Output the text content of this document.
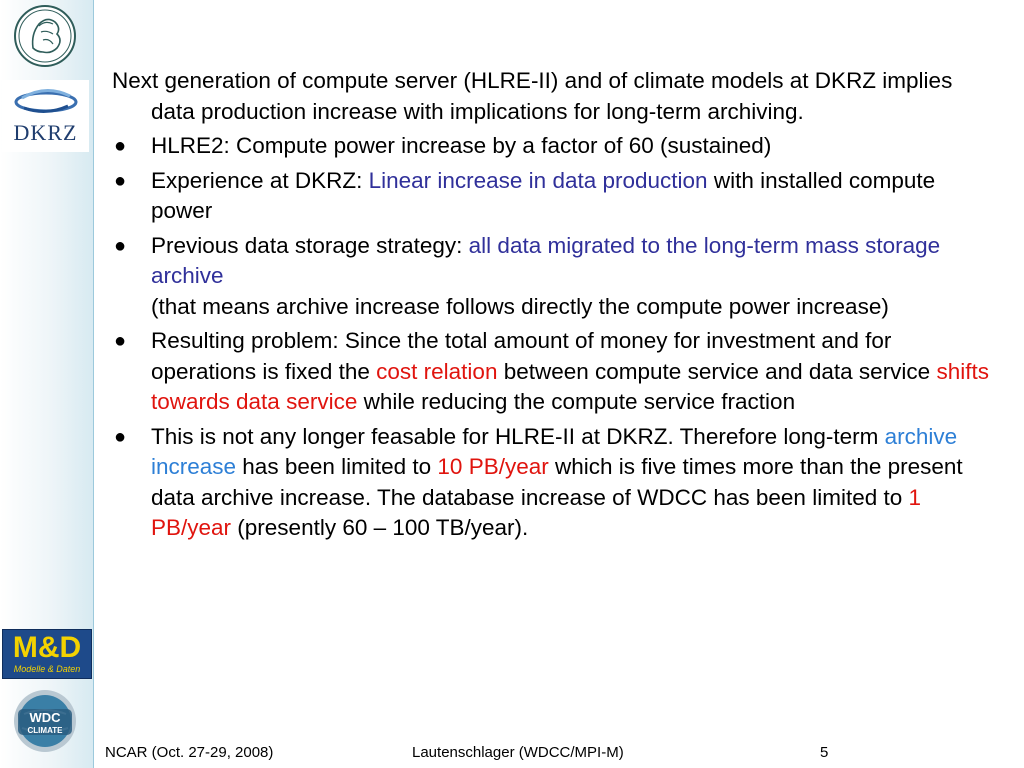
DKRZ
M&D
Modelle & Daten
WDC
CLIMATE

Next generation of compute server (HLRE-II) and of climate models at DKRZ implies data production increase with implications for long-term archiving.

● HLRE2: Compute power increase by a factor of 60 (sustained)
● Experience at DKRZ: Linear increase in data production with installed compute power
● Previous data storage strategy: all data migrated to the long-term mass storage archive
(that means archive increase follows directly the compute power increase)
● Resulting problem: Since the total amount of money for investment and for operations is fixed the cost relation between compute service and data service shifts towards data service while reducing the compute service fraction
● This is not any longer feasable for HLRE-II at DKRZ. Therefore long-term archive increase has been limited to 10 PB/year which is five times more than the present data archive increase. The database increase of WDCC has been limited to 1 PB/year (presently 60 – 100 TB/year).
NCAR (Oct. 27-29, 2008)	Lautenschlager (WDCC/MPI-M)	5
